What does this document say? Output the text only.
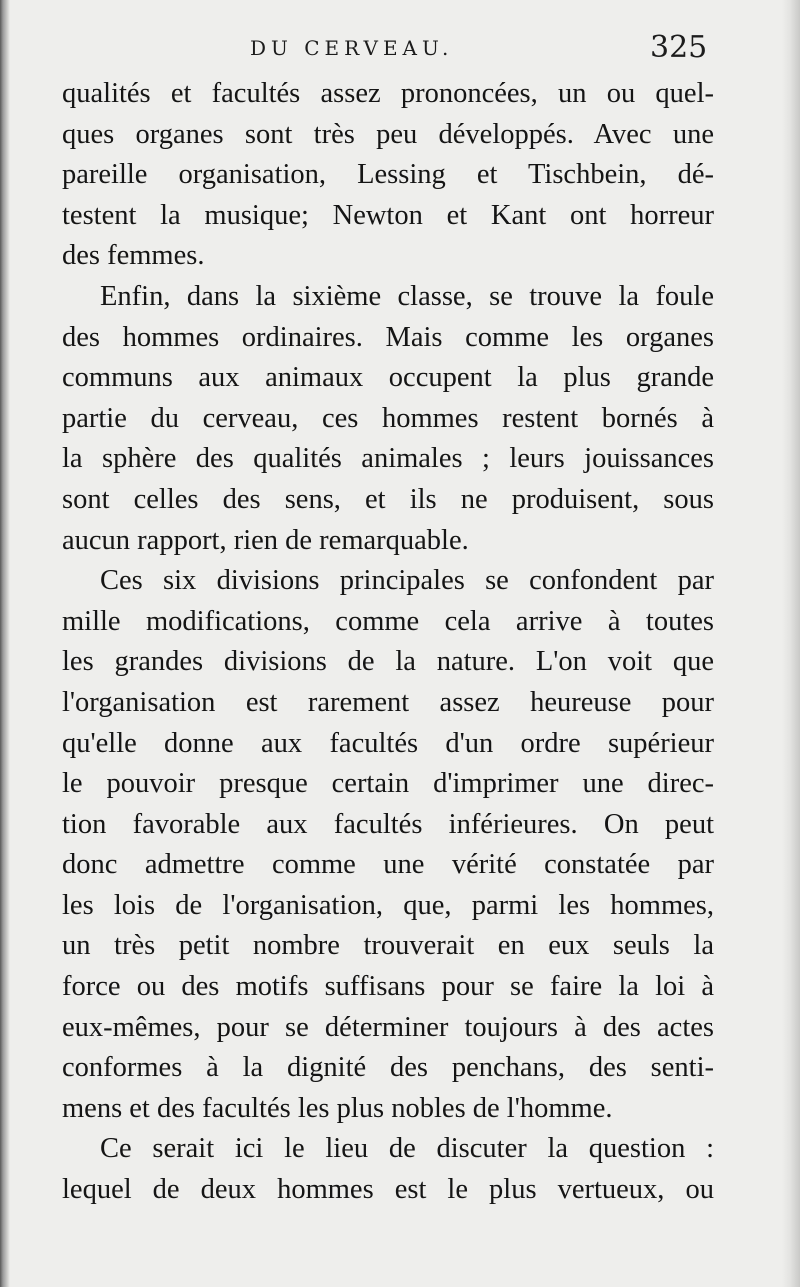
DU CERVEAU.	325
qualités et facultés assez prononcées, un ou quel-
ques organes sont très peu développés. Avec une
pareille organisation, Lessing et Tischbein, dé-
testent la musique; Newton et Kant ont horreur
des femmes.
Enfin, dans la sixième classe, se trouve la foule
des hommes ordinaires. Mais comme les organes
communs aux animaux occupent la plus grande
partie du cerveau, ces hommes restent bornés à
la sphère des qualités animales ; leurs jouissances
sont celles des sens, et ils ne produisent, sous
aucun rapport, rien de remarquable.
Ces six divisions principales se confondent par
mille modifications, comme cela arrive à toutes
les grandes divisions de la nature. L'on voit que
l'organisation est rarement assez heureuse pour
qu'elle donne aux facultés d'un ordre supérieur
le pouvoir presque certain d'imprimer une direc-
tion favorable aux facultés inférieures. On peut
donc admettre comme une vérité constatée par
les lois de l'organisation, que, parmi les hommes,
un très petit nombre trouverait en eux seuls la
force ou des motifs suffisans pour se faire la loi à
eux-mêmes, pour se déterminer toujours à des actes
conformes à la dignité des penchans, des senti-
mens et des facultés les plus nobles de l'homme.
Ce serait ici le lieu de discuter la question :
lequel de deux hommes est le plus vertueux, ou
